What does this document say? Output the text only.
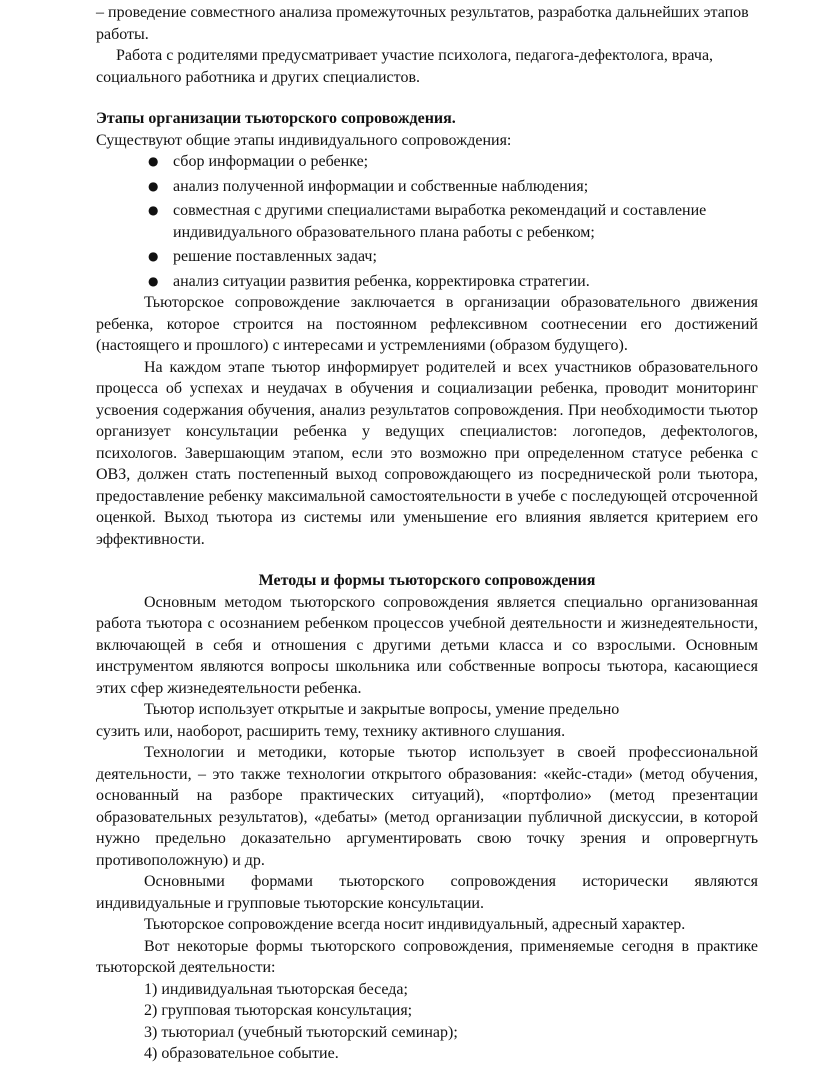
– проведение совместного анализа промежуточных результатов, разработка дальнейших этапов работы.

Работа с родителями предусматривает участие психолога, педагога-дефектолога, врача, социального работника и других специалистов.

Этапы организации тьюторского сопровождения.

Существуют общие этапы индивидуального сопровождения:

● сбор информации о ребенке;
● анализ полученной информации и собственные наблюдения;
● совместная с другими специалистами выработка рекомендаций и составление индивидуального образовательного плана работы с ребенком;
● решение поставленных задач;
● анализ ситуации развития ребенка, корректировка стратегии.

Тьюторское сопровождение заключается в организации образовательного движения ребенка, которое строится на постоянном рефлексивном соотнесении его достижений (настоящего и прошлого) с интересами и устремлениями (образом будущего).

На каждом этапе тьютор информирует родителей и всех участников образовательного процесса об успехах и неудачах в обучения и социализации ребенка, проводит мониторинг усвоения содержания обучения, анализ результатов сопровождения. При необходимости тьютор организует консультации ребенка у ведущих специалистов: логопедов, дефектологов, психологов. Завершающим этапом, если это возможно при определенном статусе ребенка с ОВЗ, должен стать постепенный выход сопровождающего из посреднической роли тьютора, предоставление ребенку максимальной самостоятельности в учебе с последующей отсроченной оценкой. Выход тьютора из системы или уменьшение его влияния является критерием его эффективности.

Методы и формы тьюторского сопровождения

Основным методом тьюторского сопровождения является специально организованная работа тьютора с осознанием ребенком процессов учебной деятельности и жизнедеятельности, включающей в себя и отношения с другими детьми класса и со взрослыми. Основным инструментом являются вопросы школьника или собственные вопросы тьютора, касающиеся этих сфер жизнедеятельности ребенка.

Тьютор использует открытые и закрытые вопросы, умение предельно

сузить или, наоборот, расширить тему, технику активного слушания.

Технологии и методики, которые тьютор использует в своей профессиональной деятельности, – это также технологии открытого образования: «кейс-стади» (метод обучения, основанный на разборе практических ситуаций), «портфолио» (метод презентации образовательных результатов), «дебаты» (метод организации публичной дискуссии, в которой нужно предельно доказательно аргументировать свою точку зрения и опровергнуть противоположную) и др.

Основными формами тьюторского сопровождения исторически являются индивидуальные и групповые тьюторские консультации.

Тьюторское сопровождение всегда носит индивидуальный, адресный характер.

Вот некоторые формы тьюторского сопровождения, применяемые сегодня в практике тьюторской деятельности:

1) индивидуальная тьюторская беседа;
2) групповая тьюторская консультация;
3) тьюториал (учебный тьюторский семинар);
4) образовательное событие.
